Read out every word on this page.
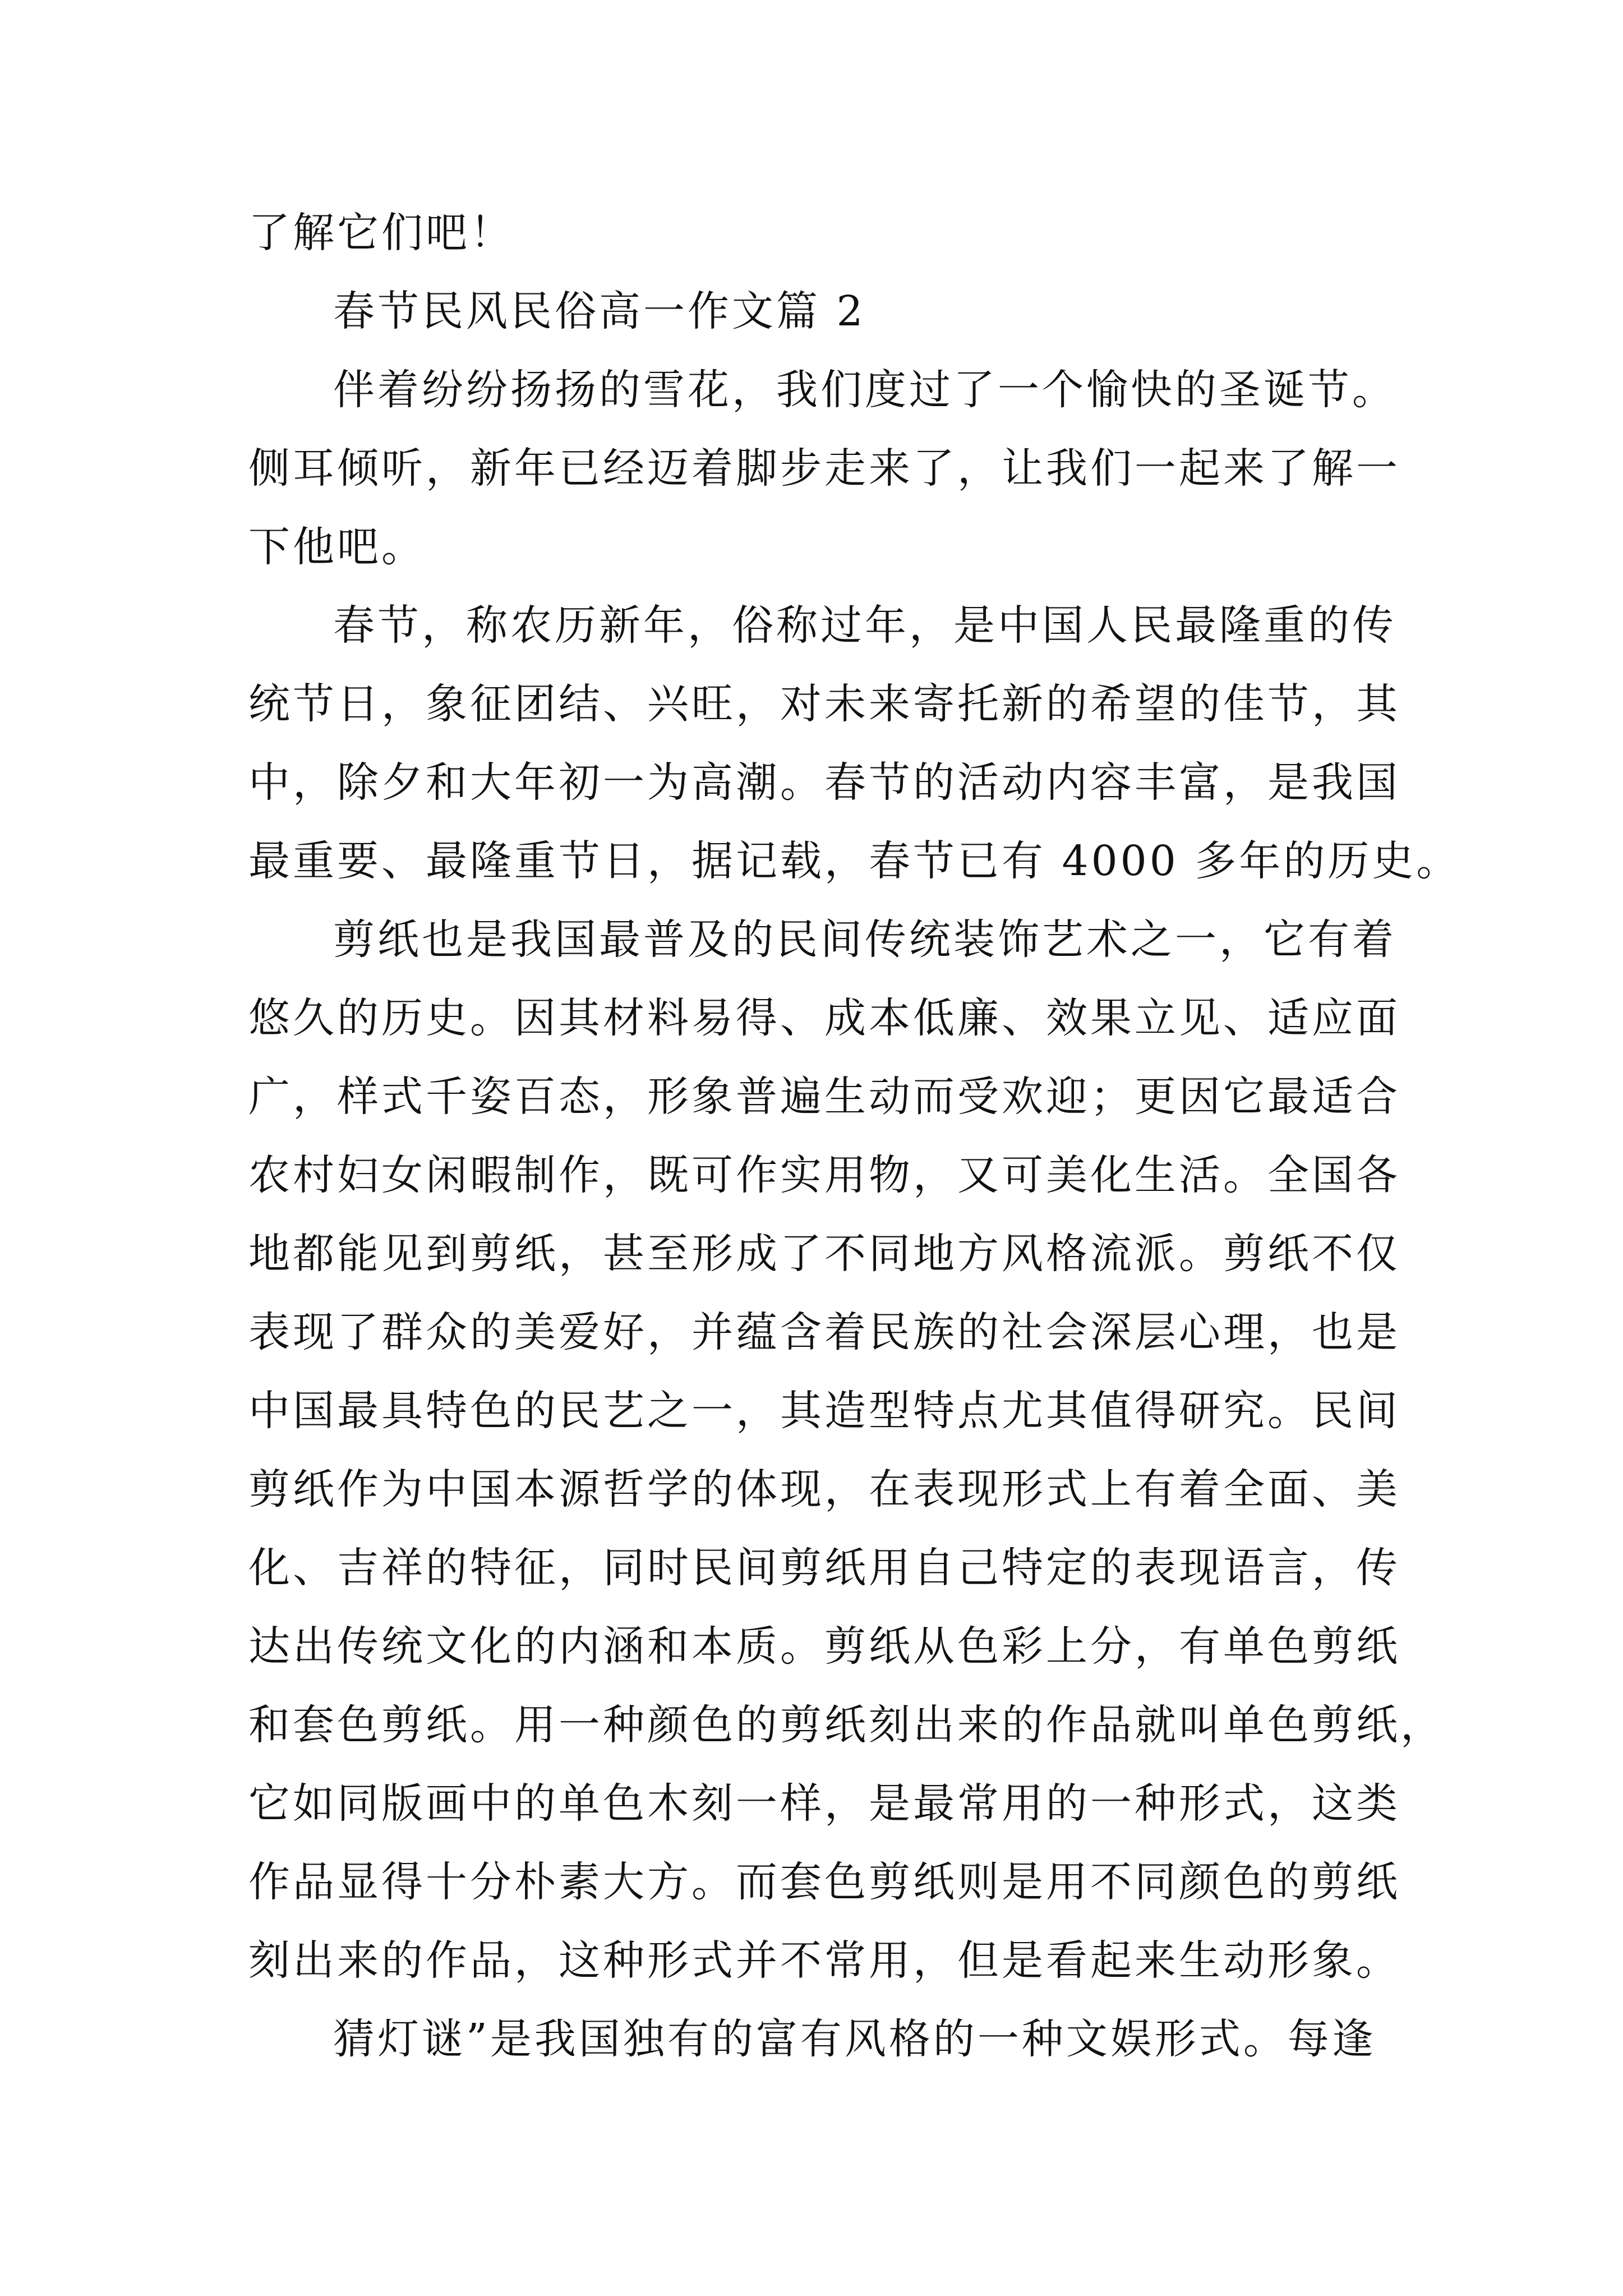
了解它们吧！
春节民风民俗高一作文篇 2
伴着纷纷扬扬的雪花，我们度过了一个愉快的圣诞节。
侧耳倾听，新年已经迈着脚步走来了，让我们一起来了解一
下他吧。
春节，称农历新年，俗称过年，是中国人民最隆重的传
统节日，象征团结、兴旺，对未来寄托新的希望的佳节，其
中，除夕和大年初一为高潮。春节的活动内容丰富，是我国
最重要、最隆重节日，据记载，春节已有 4000 多年的历史。
剪纸也是我国最普及的民间传统装饰艺术之一，它有着
悠久的历史。因其材料易得、成本低廉、效果立见、适应面
广，样式千姿百态，形象普遍生动而受欢迎；更因它最适合
农村妇女闲暇制作，既可作实用物，又可美化生活。全国各
地都能见到剪纸，甚至形成了不同地方风格流派。剪纸不仅
表现了群众的美爱好，并蕴含着民族的社会深层心理，也是
中国最具特色的民艺之一，其造型特点尤其值得研究。民间
剪纸作为中国本源哲学的体现，在表现形式上有着全面、美
化、吉祥的特征，同时民间剪纸用自己特定的表现语言，传
达出传统文化的内涵和本质。剪纸从色彩上分，有单色剪纸
和套色剪纸。用一种颜色的剪纸刻出来的作品就叫单色剪纸，
它如同版画中的单色木刻一样，是最常用的一种形式，这类
作品显得十分朴素大方。而套色剪纸则是用不同颜色的剪纸
刻出来的作品，这种形式并不常用，但是看起来生动形象。
猜灯谜”是我国独有的富有风格的一种文娱形式。每逢
